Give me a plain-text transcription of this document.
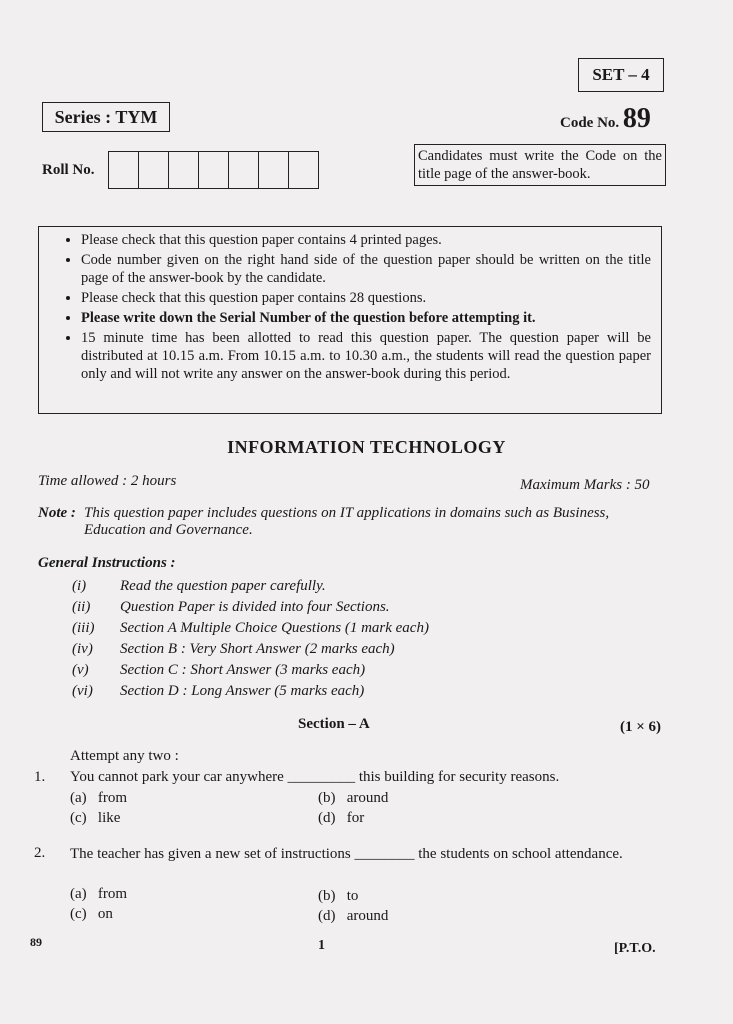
SET – 4
Series : TYM	Code No. 89
Roll No.
Candidates must write the Code on the title page of the answer-book.
• Please check that this question paper contains 4 printed pages.
• Code number given on the right hand side of the question paper should be written on the title page of the answer-book by the candidate.
• Please check that this question paper contains 28 questions.
• Please write down the Serial Number of the question before attempting it.
• 15 minute time has been allotted to read this question paper. The question paper will be distributed at 10.15 a.m. From 10.15 a.m. to 10.30 a.m., the students will read the question paper only and will not write any answer on the answer-book during this period.
INFORMATION TECHNOLOGY
Time allowed : 2 hours	Maximum Marks : 50
Note : This question paper includes questions on IT applications in domains such as Business, Education and Governance.
General Instructions :
(i) Read the question paper carefully.
(ii) Question Paper is divided into four Sections.
(iii) Section A Multiple Choice Questions (1 mark each)
(iv) Section B : Very Short Answer (2 marks each)
(v) Section C : Short Answer (3 marks each)
(vi) Section D : Long Answer (5 marks each)
Section – A	(1 × 6)
Attempt any two :
1. You cannot park your car anywhere _________ this building for security reasons.
(a) from	(b) around
(c) like	(d) for
2. The teacher has given a new set of instructions ________ the students on school attendance.
(a) from	(b) to
(c) on	(d) around
89	1	[P.T.O.
